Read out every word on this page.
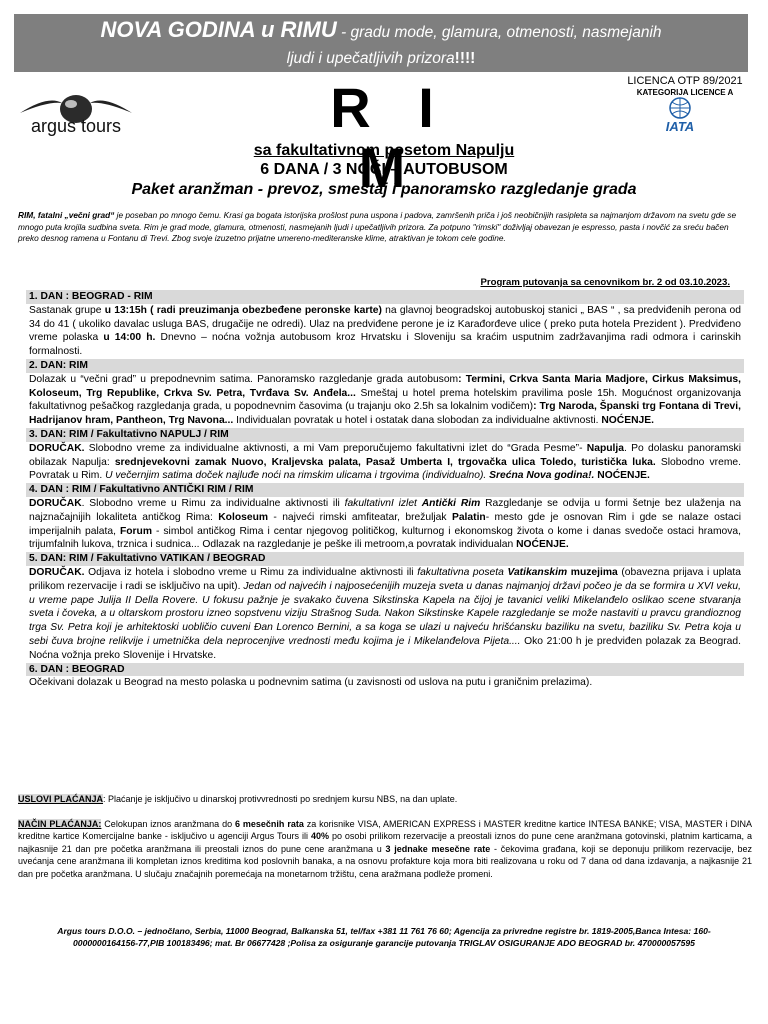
NOVA GODINA u RIMU - gradu mode, glamura, otmenosti, nasmejanih
ljudi i upečatljivih prizora!!!!
argus tours	R I M
LICENCA OTP 89/2021
KATEGORIJA LICENCE A
IATA
sa fakultativnom posetom Napulju
6 DANA / 3 NOĆI – AUTOBUSOM
Paket aranžman - prevoz, smeštaj i panoramsko razgledanje grada
RIM, fatalni „večni grad“ je poseban po mnogo čemu. Krasi ga bogata istorijska prošlost puna uspona i padova, zamršenih priča i još neobičnijih rasipleta sa najmanjom državom na svetu gde se mnogo puta krojila sudbina sveta. Rim je grad mode, glamura, otmenosti, nasmejanih ljudi i upečatljivih prizora. Za potpuno "rimski" doživljaj obavezan je espresso, pasta i novčić za sreću bačen preko desnog ramena u Fontanu di Trevi. Zbog svoje izuzetno prijatne umereno-mediteranske klime, atraktivan je tokom cele godine.
Program putovanja sa cenovnikom br. 2 od 03.10.2023.
1. DAN : BEOGRAD - RIM
Sastanak grupe u 13:15h ( radi preuzimanja obezbeđene peronske karte) na glavnoj beogradskoj autobuskoj stanici „ BAS “ , sa predviđenih perona od 34 do 41 ( ukoliko davalac usluga BAS, drugačije ne odredi). Ulaz na predviđene perone je iz Karađorđeve ulice ( preko puta hotela Prezident ). Predviđeno vreme polaska u 14:00 h. Dnevno – noćna vožnja autobusom kroz Hrvatsku i Sloveniju sa kraćim usputnim zadržavanjima radi odmora i carinskih formalnosti.
2. DAN: RIM
Dolazak u “večni grad” u prepodnevnim satima. Panoramsko razgledanje grada autobusom: Termini, Crkva Santa Maria Madjore, Cirkus Maksimus, Koloseum, Trg Republike, Crkva Sv. Petra, Tvrđava Sv. Anđela... Smeštaj u hotel prema hotelskim pravilima posle 15h. Mogućnost organizovanja fakultativnog pešačkog razgledanja grada, u popodnevnim časovima (u trajanju oko 2.5h sa lokalnim vodičem): Trg Naroda, Španski trg Fontana di Trevi, Hadrijanov hram, Pantheon, Trg Navona... Individualan povratak u hotel i ostatak dana slobodan za individualne aktivnosti. NOĆENJE.
3. DAN: RIM / Fakultativno NAPULJ / RIM
DORUČAK. Slobodno vreme za individualne aktivnosti, a mi Vam preporučujemo fakultativni izlet do “Grada Pesme”- Napulja. Po dolasku panoramski obilazak Napulja: srednjevekovni zamak Nuovo, Kraljevska palata, Pasaž Umberta I, trgovačka ulica Toledo, turistička luka. Slobodno vreme. Povratak u Rim. U večernjim satima doček najluđe noći na rimskim ulicama i trgovima (individualno). Srećna Nova godina!. NOĆENJE.
4. DAN : RIM / Fakultativno ANTIČKI RIM / RIM
DORUČAK. Slobodno vreme u Rimu za individualne aktivnosti ili fakultativnI izlet Antički Rim Razgledanje se odvija u formi šetnje bez ulaženja na najznačajnijih lokaliteta antičkog Rima: Koloseum - najveći rimski amfiteatar, brežuljak Palatin- mesto gde je osnovan Rim i gde se nalaze ostaci imperijalnih palata, Forum - simbol antičkog Rima i centar njegovog političkog, kulturnog i ekonomskog života o kome i danas svedoče ostaci hramova, trijumfalnih lukova, trznica i sudnica... Odlazak na razgledanje je peške ili metroom,a povratak individualan NOĆENJE.
5. DAN: RIM / Fakultativno VATIKAN / BEOGRAD
DORUČAK. Odjava iz hotela i slobodno vreme u Rimu za individualne aktivnosti ili fakultativna poseta Vatikanskim muzejima (obavezna prijava i uplata prilikom rezervacije i radi se isključivo na upit). Jedan od najvećih i najposećenijih muzeja sveta u danas najmanjoj državi počeo je da se formira u XVI veku, u vreme pape Julija II Della Rovere. U fokusu pažnje je svakako čuvena Sikstinska Kapela na čijoj je tavanici veliki Mikelanđelo oslikao scene stvaranja sveta i čoveka, a u oltarskom prostoru izneo sopstvenu viziju Strašnog Suda. Nakon Sikstinske Kapele razgledanje se može nastaviti u pravcu grandioznog trga Sv. Petra koji je arhitektoski uobličio cuveni Đan Lorenco Bernini, a sa koga se ulazi u najveću hrišćansku baziliku na svetu, baziliku Sv. Petra koja u sebi čuva brojne relikvije i umetnička dela neprocenjive vrednosti među kojima je i Mikelanđelova Pijeta.... Oko 21:00 h je predviđen polazak za Beograd. Noćna vožnja preko Slovenije i Hrvatske.
6. DAN : BEOGRAD
Očekivani dolazak u Beograd na mesto polaska u podnevnim satima (u zavisnosti od uslova na putu i graničnim prelazima).

USLOVI PLAĆANJA: Plaćanje je isključivo u dinarskoj protivvrednosti po srednjem kursu NBS, na dan uplate.

NAČIN PLAĆANJA: Celokupan iznos aranžmana do 6 mesečnih rata za korisnike VISA, AMERICAN EXPRESS i MASTER kreditne kartice INTESA BANKE; VISA, MASTER i DINA kreditne kartice Komercijalne banke - isključivo u agenciji Argus Tours ili 40% po osobi prilikom rezervacije a preostali iznos do pune cene aranžmana gotovinski, platnim karticama, a najkasnije 21 dan pre početka aranžmana ili preostali iznos do pune cene aranžmana u 3 jednake mesečne rate - čekovima građana, koji se deponuju prilikom rezervacije, bez uvećanja cene aranžmana ili kompletan iznos kreditima kod poslovnih banaka, a na osnovu profakture koja mora biti realizovana u roku od 7 dana od dana izdavanja, a najkasnije 21 dan pre početka aranžmana. U slučaju značajnih poremećaja na monetarnom tržištu, cena aražmana podleže promeni.

Argus tours D.O.O. – jednočlano, Serbia, 11000 Beograd, Balkanska 51, tel/fax +381 11 761 76 60; Agencija za privredne registre br. 1819-2005,Banca Intesa: 160-0000000164156-77,PIB 100183496; mat. Br 06677428 ;Polisa za osiguranje garancije putovanja TRIGLAV OSIGURANJE ADO BEOGRAD br. 470000057595
